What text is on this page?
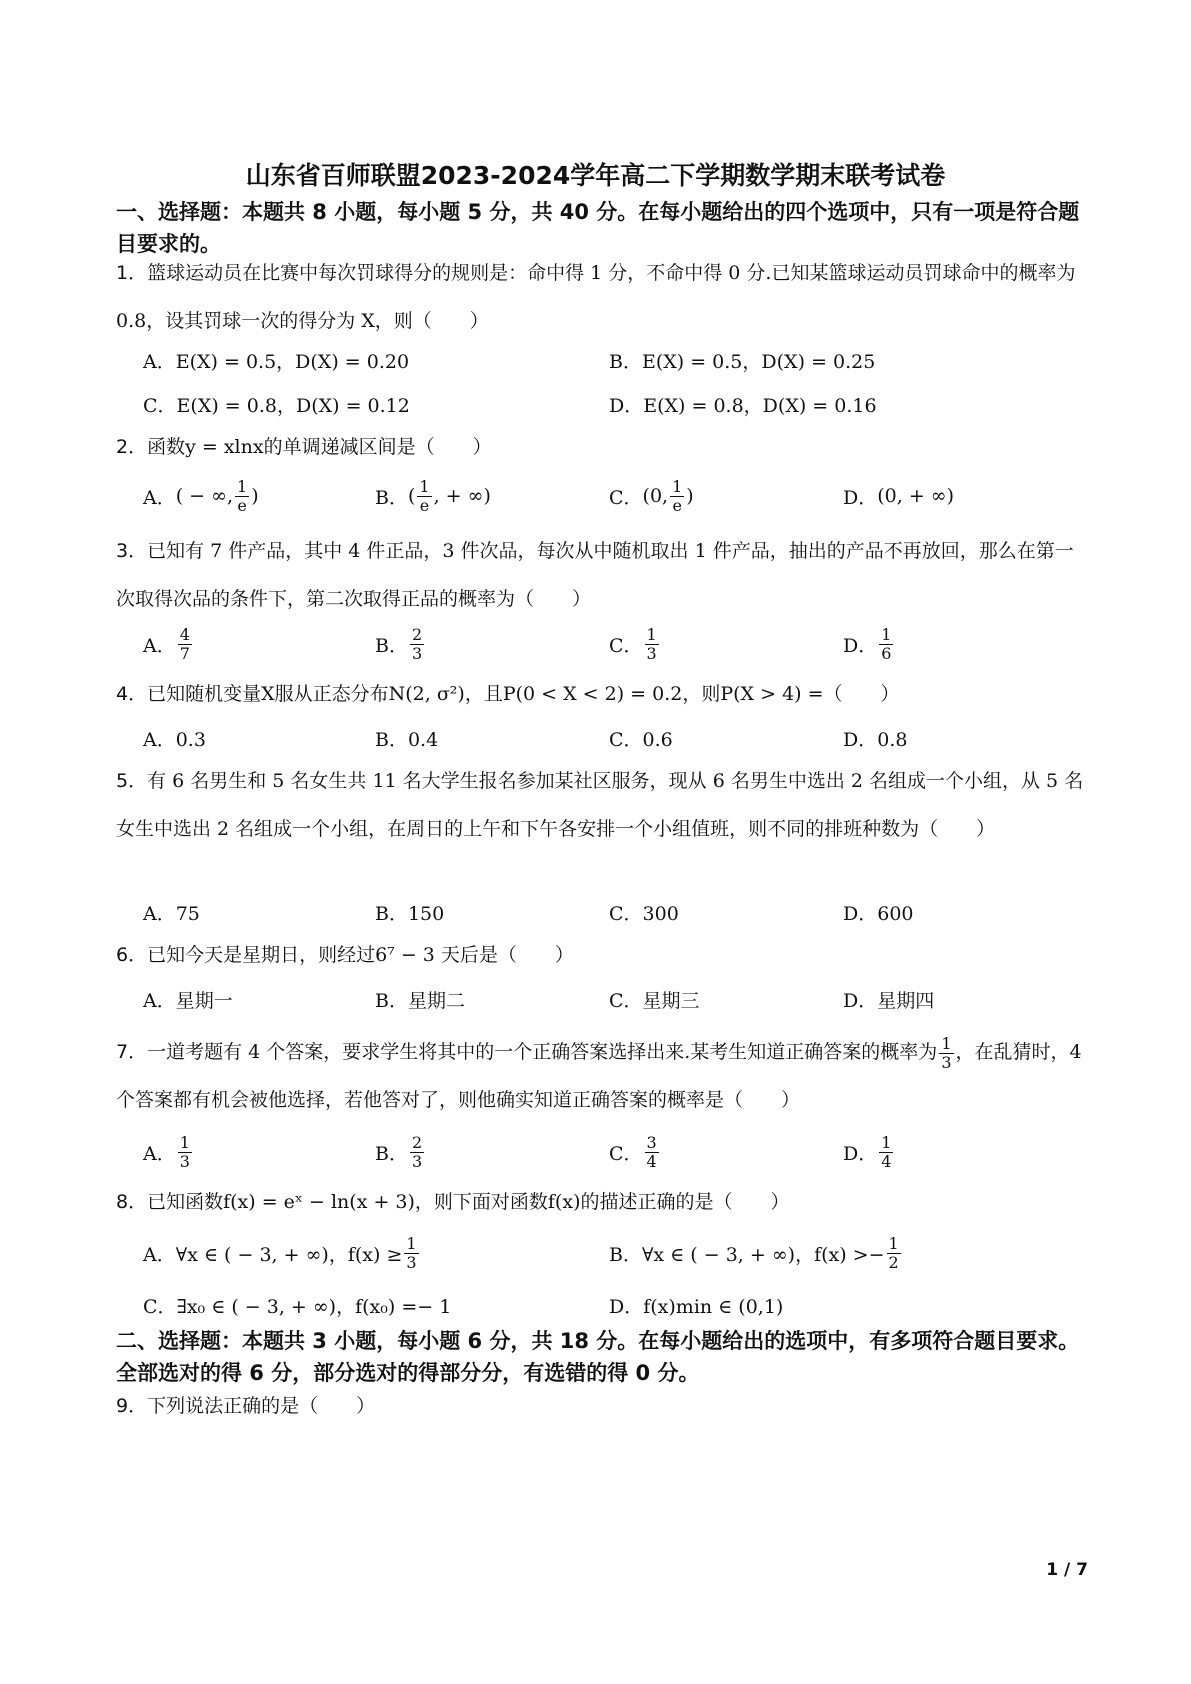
山东省百师联盟2023-2024学年高二下学期数学期末联考试卷
一、选择题：本题共 8 小题，每小题 5 分，共 40 分。在每小题给出的四个选项中，只有一项是符合题目要求的。
1．篮球运动员在比赛中每次罚球得分的规则是：命中得 1 分，不命中得 0 分.已知某篮球运动员罚球命中的概率为 0.8，设其罚球一次的得分为 X，则（　　）
A．E(X) = 0.5，D(X) = 0.20	B．E(X) = 0.5，D(X) = 0.25
C．E(X) = 0.8，D(X) = 0.12	D．E(X) = 0.8，D(X) = 0.16
2．函数y = xlnx的单调递减区间是（　　）
A． ( − ∞, $\frac{1}{e}$ )	B． ( $\frac{1}{e}$ , + ∞)	C． (0, $\frac{1}{e}$ )	D． (0, + ∞)
3．已知有 7 件产品，其中 4 件正品，3 件次品，每次从中随机取出 1 件产品，抽出的产品不再放回，那么在第一次取得次品的条件下，第二次取得正品的概率为（　　）
A． $\frac{4}{7}$	B． $\frac{2}{3}$	C． $\frac{1}{3}$	D． $\frac{1}{6}$
4．已知随机变量X服从正态分布N(2, σ²)，且P(0 < X < 2) = 0.2，则P(X > 4) =（　　）
A．0.3	B．0.4	C．0.6	D．0.8
5．有 6 名男生和 5 名女生共 11 名大学生报名参加某社区服务，现从 6 名男生中选出 2 名组成一个小组，从 5 名女生中选出 2 名组成一个小组，在周日的上午和下午各安排一个小组值班，则不同的排班种数为（　　）
A．75	B．150	C．300	D．600
6．已知今天是星期日，则经过6⁷ − 3 天后是（　　）
A．星期一	B．星期二	C．星期三	D．星期四
7．一道考题有 4 个答案，要求学生将其中的一个正确答案选择出来.某考生知道正确答案的概率为 $\frac{1}{3}$ ，在乱猜时，4 个答案都有机会被他选择，若他答对了，则他确实知道正确答案的概率是（　　）
A． $\frac{1}{3}$	B． $\frac{2}{3}$	C． $\frac{3}{4}$	D． $\frac{1}{4}$
8．已知函数f(x) = eˣ − ln(x + 3)，则下面对函数f(x)的描述正确的是（　　）
A．∀x ∈ ( − 3, + ∞)，$f(x) \ge \frac{1}{3}$	B．∀x ∈ ( − 3, + ∞)，$f(x) >- \frac{1}{2}$
C．∃x₀ ∈ ( − 3, + ∞)，f(x₀) =− 1	D．f(x)min ∈ (0,1)
二、选择题：本题共 3 小题，每小题 6 分，共 18 分。在每小题给出的选项中，有多项符合题目要求。全部选对的得 6 分，部分选对的得部分分，有选错的得 0 分。
9．下列说法正确的是（　　）
1 / 7
